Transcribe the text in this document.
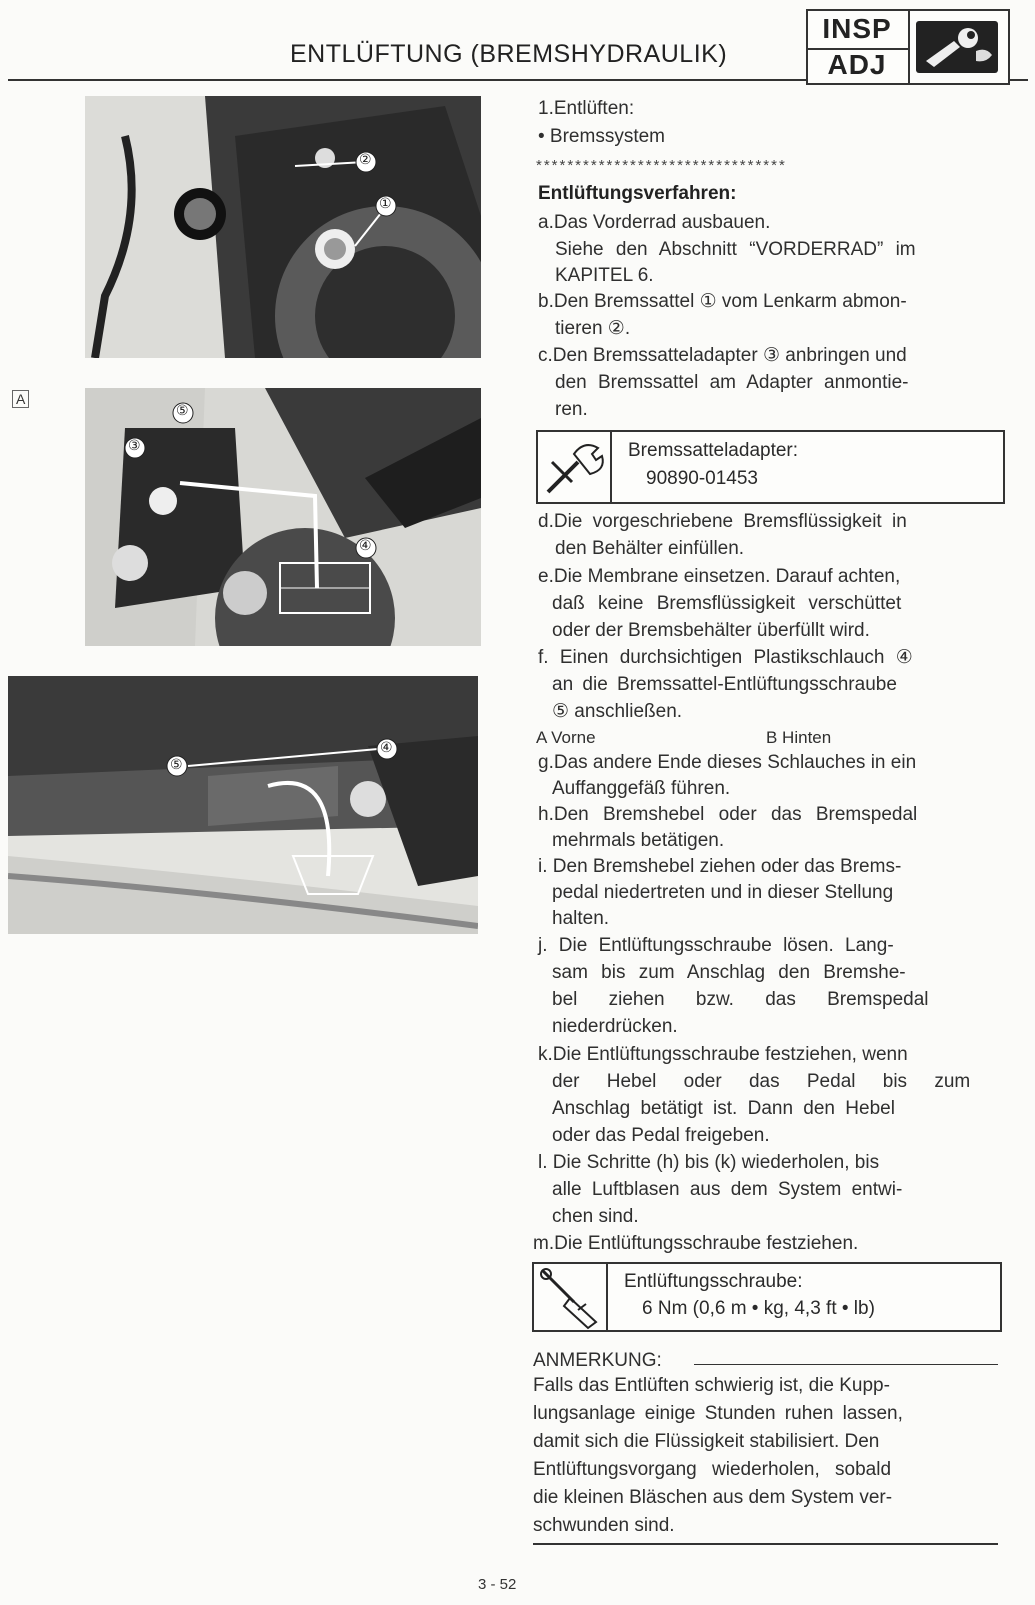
ENTLÜFTUNG (BREMSHYDRAULIK)
INSP
ADJ
②
①
A
⑤
③
④
⑤
④
1.Entlüften:
• Bremssystem
********************************
Entlüftungsverfahren:
a.Das Vorderrad ausbauen.
Siehe den Abschnitt “VORDERRAD” im
KAPITEL 6.
b.Den Bremssattel ① vom Lenkarm abmon-
tieren ②.
c.Den Bremssatteladapter ③ anbringen und
den Bremssattel am Adapter anmontie-
ren.
Bremssatteladapter:
90890-01453
d.Die vorgeschriebene Bremsflüssigkeit in
den Behälter einfüllen.
e.Die Membrane einsetzen. Darauf achten,
daß keine Bremsflüssigkeit verschüttet
oder der Bremsbehälter überfüllt wird.
f. Einen durchsichtigen Plastikschlauch ④
an die Bremssattel-Entlüftungsschraube
⑤ anschließen.
A Vorne	B Hinten
g.Das andere Ende dieses Schlauches in ein
Auffanggefäß führen.
h.Den Bremshebel oder das Bremspedal
mehrmals betätigen.
i. Den Bremshebel ziehen oder das Brems-
pedal niedertreten und in dieser Stellung
halten.
j. Die Entlüftungsschraube lösen. Lang-
sam bis zum Anschlag den Bremshe-
bel ziehen bzw. das Bremspedal
niederdrücken.
k.Die Entlüftungsschraube festziehen, wenn
der Hebel oder das Pedal bis zum
Anschlag betätigt ist. Dann den Hebel
oder das Pedal freigeben.
l. Die Schritte (h) bis (k) wiederholen, bis
alle Luftblasen aus dem System entwi-
chen sind.
m.Die Entlüftungsschraube festziehen.
Entlüftungsschraube:
6 Nm (0,6 m • kg, 4,3 ft • lb)
ANMERKUNG:
Falls das Entlüften schwierig ist, die Kupp-
lungsanlage einige Stunden ruhen lassen,
damit sich die Flüssigkeit stabilisiert. Den
Entlüftungsvorgang wiederholen, sobald
die kleinen Bläschen aus dem System ver-
schwunden sind.
3 - 52
